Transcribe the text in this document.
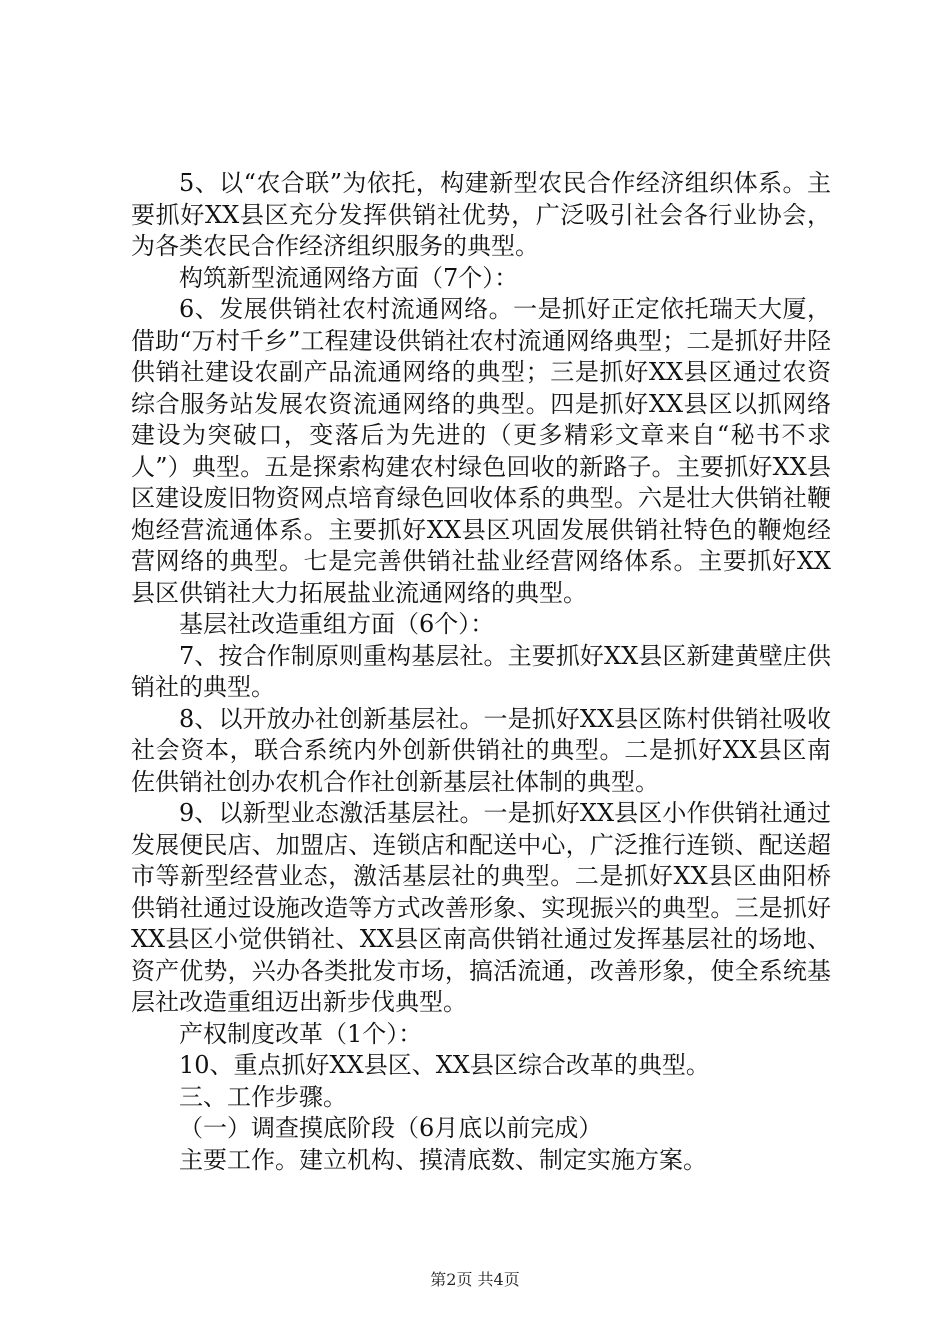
5、以“农合联”为依托，构建新型农民合作经济组织体系。主要抓好XX县区充分发挥供销社优势，广泛吸引社会各行业协会，为各类农民合作经济组织服务的典型。

构筑新型流通网络方面（7个）：

6、发展供销社农村流通网络。一是抓好正定依托瑞天大厦，借助“万村千乡”工程建设供销社农村流通网络典型；二是抓好井陉供销社建设农副产品流通网络的典型；三是抓好XX县区通过农资综合服务站发展农资流通网络的典型。四是抓好XX县区以抓网络建设为突破口，变落后为先进的（更多精彩文章来自“秘书不求人”）典型。五是探索构建农村绿色回收的新路子。主要抓好XX县区建设废旧物资网点培育绿色回收体系的典型。六是壮大供销社鞭炮经营流通体系。主要抓好XX县区巩固发展供销社特色的鞭炮经营网络的典型。七是完善供销社盐业经营网络体系。主要抓好XX县区供销社大力拓展盐业流通网络的典型。

基层社改造重组方面（6个）：

7、按合作制原则重构基层社。主要抓好XX县区新建黄壁庄供销社的典型。

8、以开放办社创新基层社。一是抓好XX县区陈村供销社吸收社会资本，联合系统内外创新供销社的典型。二是抓好XX县区南佐供销社创办农机合作社创新基层社体制的典型。

9、以新型业态激活基层社。一是抓好XX县区小作供销社通过发展便民店、加盟店、连锁店和配送中心，广泛推行连锁、配送超市等新型经营业态，激活基层社的典型。二是抓好XX县区曲阳桥供销社通过设施改造等方式改善形象、实现振兴的典型。三是抓好XX县区小觉供销社、XX县区南高供销社通过发挥基层社的场地、资产优势，兴办各类批发市场，搞活流通，改善形象，使全系统基层社改造重组迈出新步伐典型。

产权制度改革（1个）：

10、重点抓好XX县区、XX县区综合改革的典型。

三、工作步骤。

（一）调查摸底阶段（6月底以前完成）

主要工作。建立机构、摸清底数、制定实施方案。

第2页 共4页
